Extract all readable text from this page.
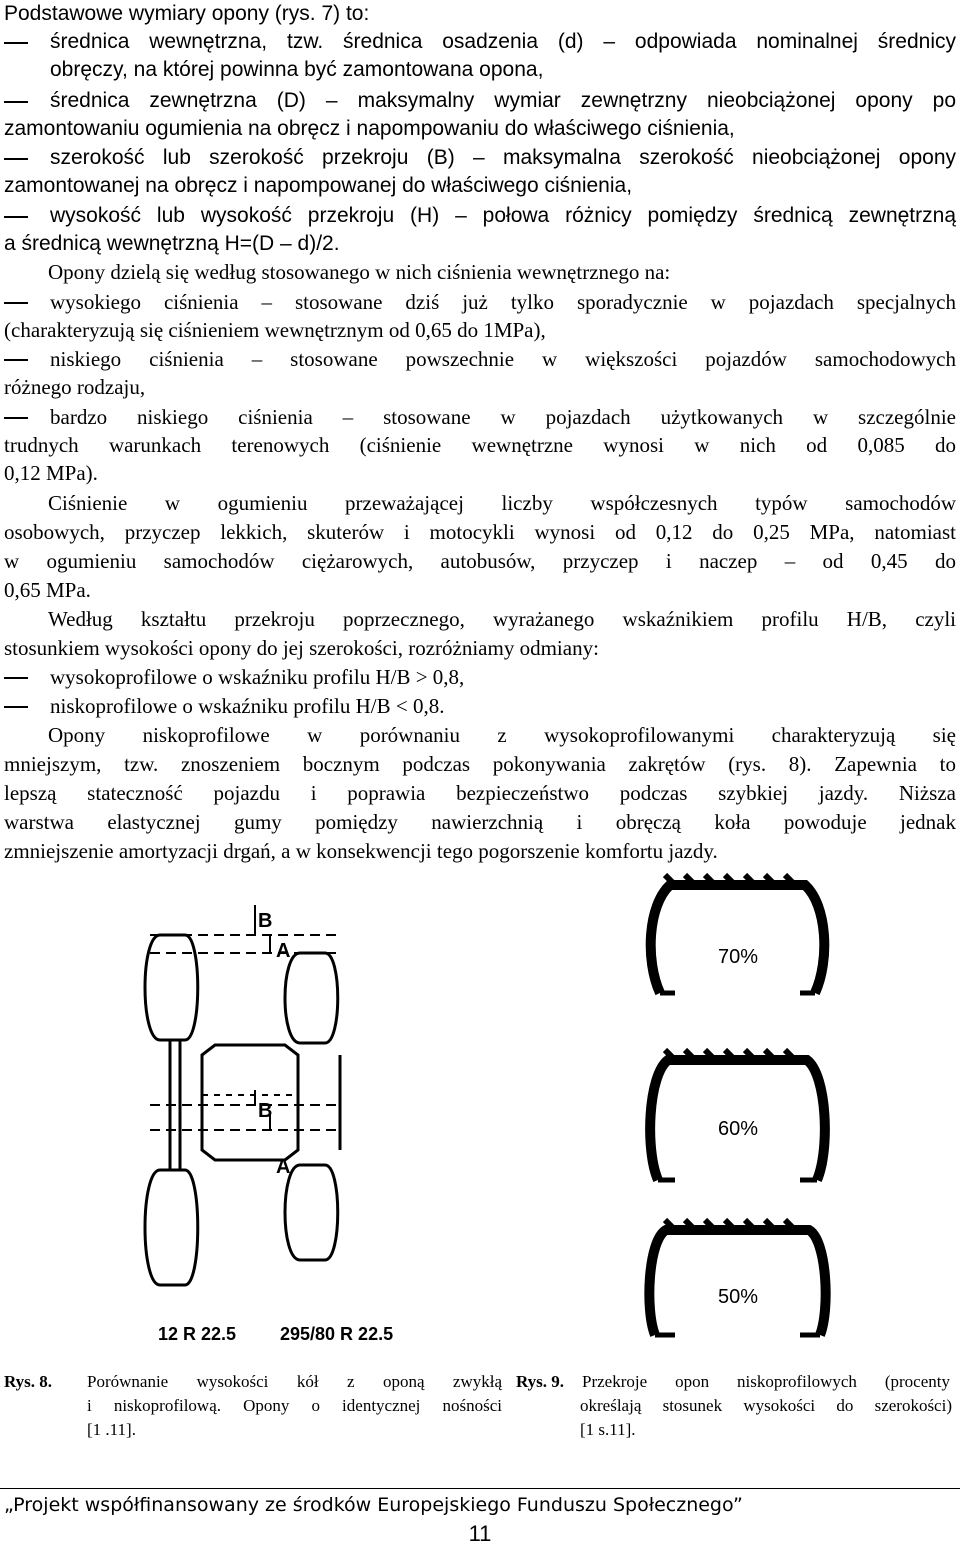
Podstawowe wymiary opony (rys. 7) to:
średnica wewnętrzna, tzw. średnica osadzenia (d) – odpowiada nominalnej średnicy
obręczy, na której powinna być zamontowana opona,
średnica zewnętrzna (D) – maksymalny wymiar zewnętrzny nieobciążonej opony po
zamontowaniu ogumienia na obręcz i napompowaniu do właściwego ciśnienia,
szerokość lub szerokość przekroju (B) – maksymalna szerokość nieobciążonej opony
zamontowanej na obręcz i napompowanej do właściwego ciśnienia,
wysokość lub wysokość przekroju (H) – połowa różnicy pomiędzy średnicą zewnętrzną
a średnicą wewnętrzną H=(D – d)/2.
Opony dzielą się według stosowanego w nich ciśnienia wewnętrznego na:
wysokiego ciśnienia – stosowane dziś już tylko sporadycznie w pojazdach specjalnych
(charakteryzują się ciśnieniem wewnętrznym od 0,65 do 1MPa),
niskiego ciśnienia – stosowane powszechnie w większości pojazdów samochodowych
różnego rodzaju,
bardzo niskiego ciśnienia – stosowane w pojazdach użytkowanych w szczególnie
trudnych warunkach terenowych (ciśnienie wewnętrzne wynosi w nich od 0,085 do
0,12 MPa).
Ciśnienie w ogumieniu przeważającej liczby współczesnych typów samochodów
osobowych, przyczep lekkich, skuterów i motocykli wynosi od 0,12 do 0,25 MPa, natomiast
w ogumieniu samochodów ciężarowych, autobusów, przyczep i naczep – od 0,45 do
0,65 MPa.
Według kształtu przekroju poprzecznego, wyrażanego wskaźnikiem profilu H/B, czyli
stosunkiem wysokości opony do jej szerokości, rozróżniamy odmiany:
wysokoprofilowe o wskaźniku profilu H/B > 0,8,
niskoprofilowe o wskaźniku profilu H/B < 0,8.
Opony niskoprofilowe w porównaniu z wysokoprofilowanymi charakteryzują się
mniejszym, tzw. znoszeniem bocznym podczas pokonywania zakrętów (rys. 8). Zapewnia to
lepszą stateczność pojazdu i poprawia bezpieczeństwo podczas szybkiej jazdy. Niższa
warstwa elastycznej gumy pomiędzy nawierzchnią i obręczą koła powoduje jednak
zmniejszenie amortyzacji drgań, a w konsekwencji tego pogorszenie komfortu jazdy.
B
A
B
A
12 R 22.5 295/80 R 22.5
70%
60%
50%
Rys. 8. Porównanie wysokości kół z oponą zwykłą
i niskoprofilową. Opony o identycznej nośności
[1 .11].
Rys. 9. Przekroje opon niskoprofilowych (procenty
określają stosunek wysokości do szerokości)
[1 s.11].
„Projekt współfinansowany ze środków Europejskiego Funduszu Społecznego”
11
